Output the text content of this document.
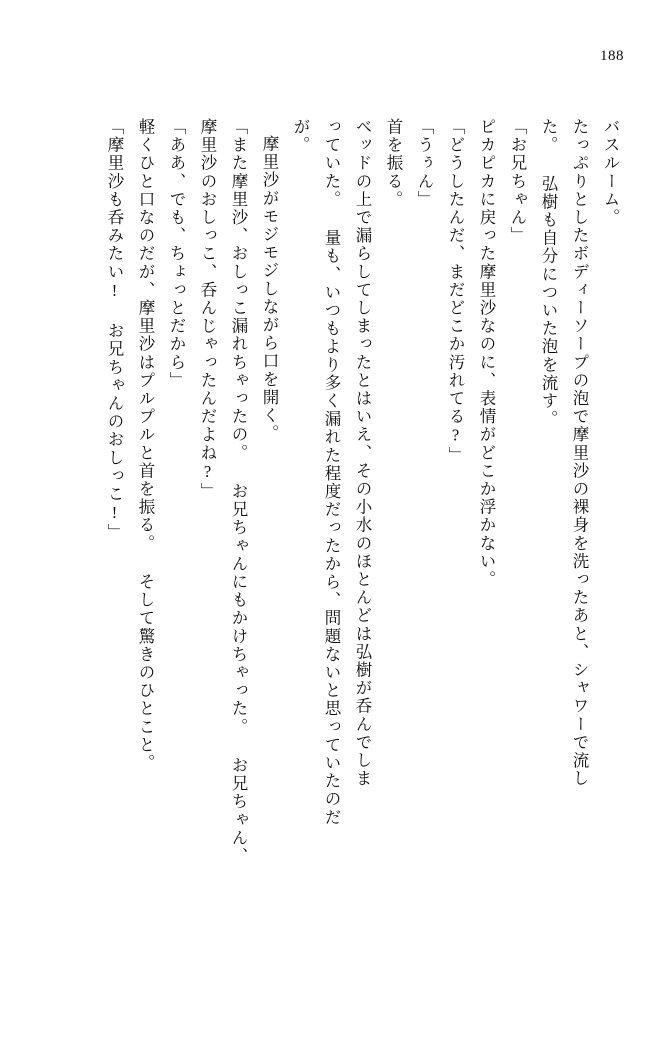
188
バスルーム。
たっぷりとしたボディーソープの泡で摩里沙の裸身を洗ったあと、シャワーで流し
た。 弘樹も自分についた泡を流す。
「お兄ちゃん」
ピカピカに戻った摩里沙なのに、表情がどこか浮かない。
「どうしたんだ、まだどこか汚れてる?」
「うぅん」
首を振る。
ベッドの上で漏らしてしまったとはいえ、その小水のほとんどは弘樹が呑んでしま
っていた。 量も、いつもより多く漏れた程度だったから、問題ないと思っていたのだ
が。
摩里沙がモジモジしながら口を開く。
「また摩里沙、おしっこ漏れちゃったの。 お兄ちゃんにもかけちゃった。 お兄ちゃん、
摩里沙のおしっこ、呑んじゃったんだよね?」
「ああ、でも、ちょっとだから」
軽くひと口なのだが、摩里沙はプルプルと首を振る。 そして驚きのひとこと。
「摩里沙も呑みたい! お兄ちゃんのおしっこ!」
